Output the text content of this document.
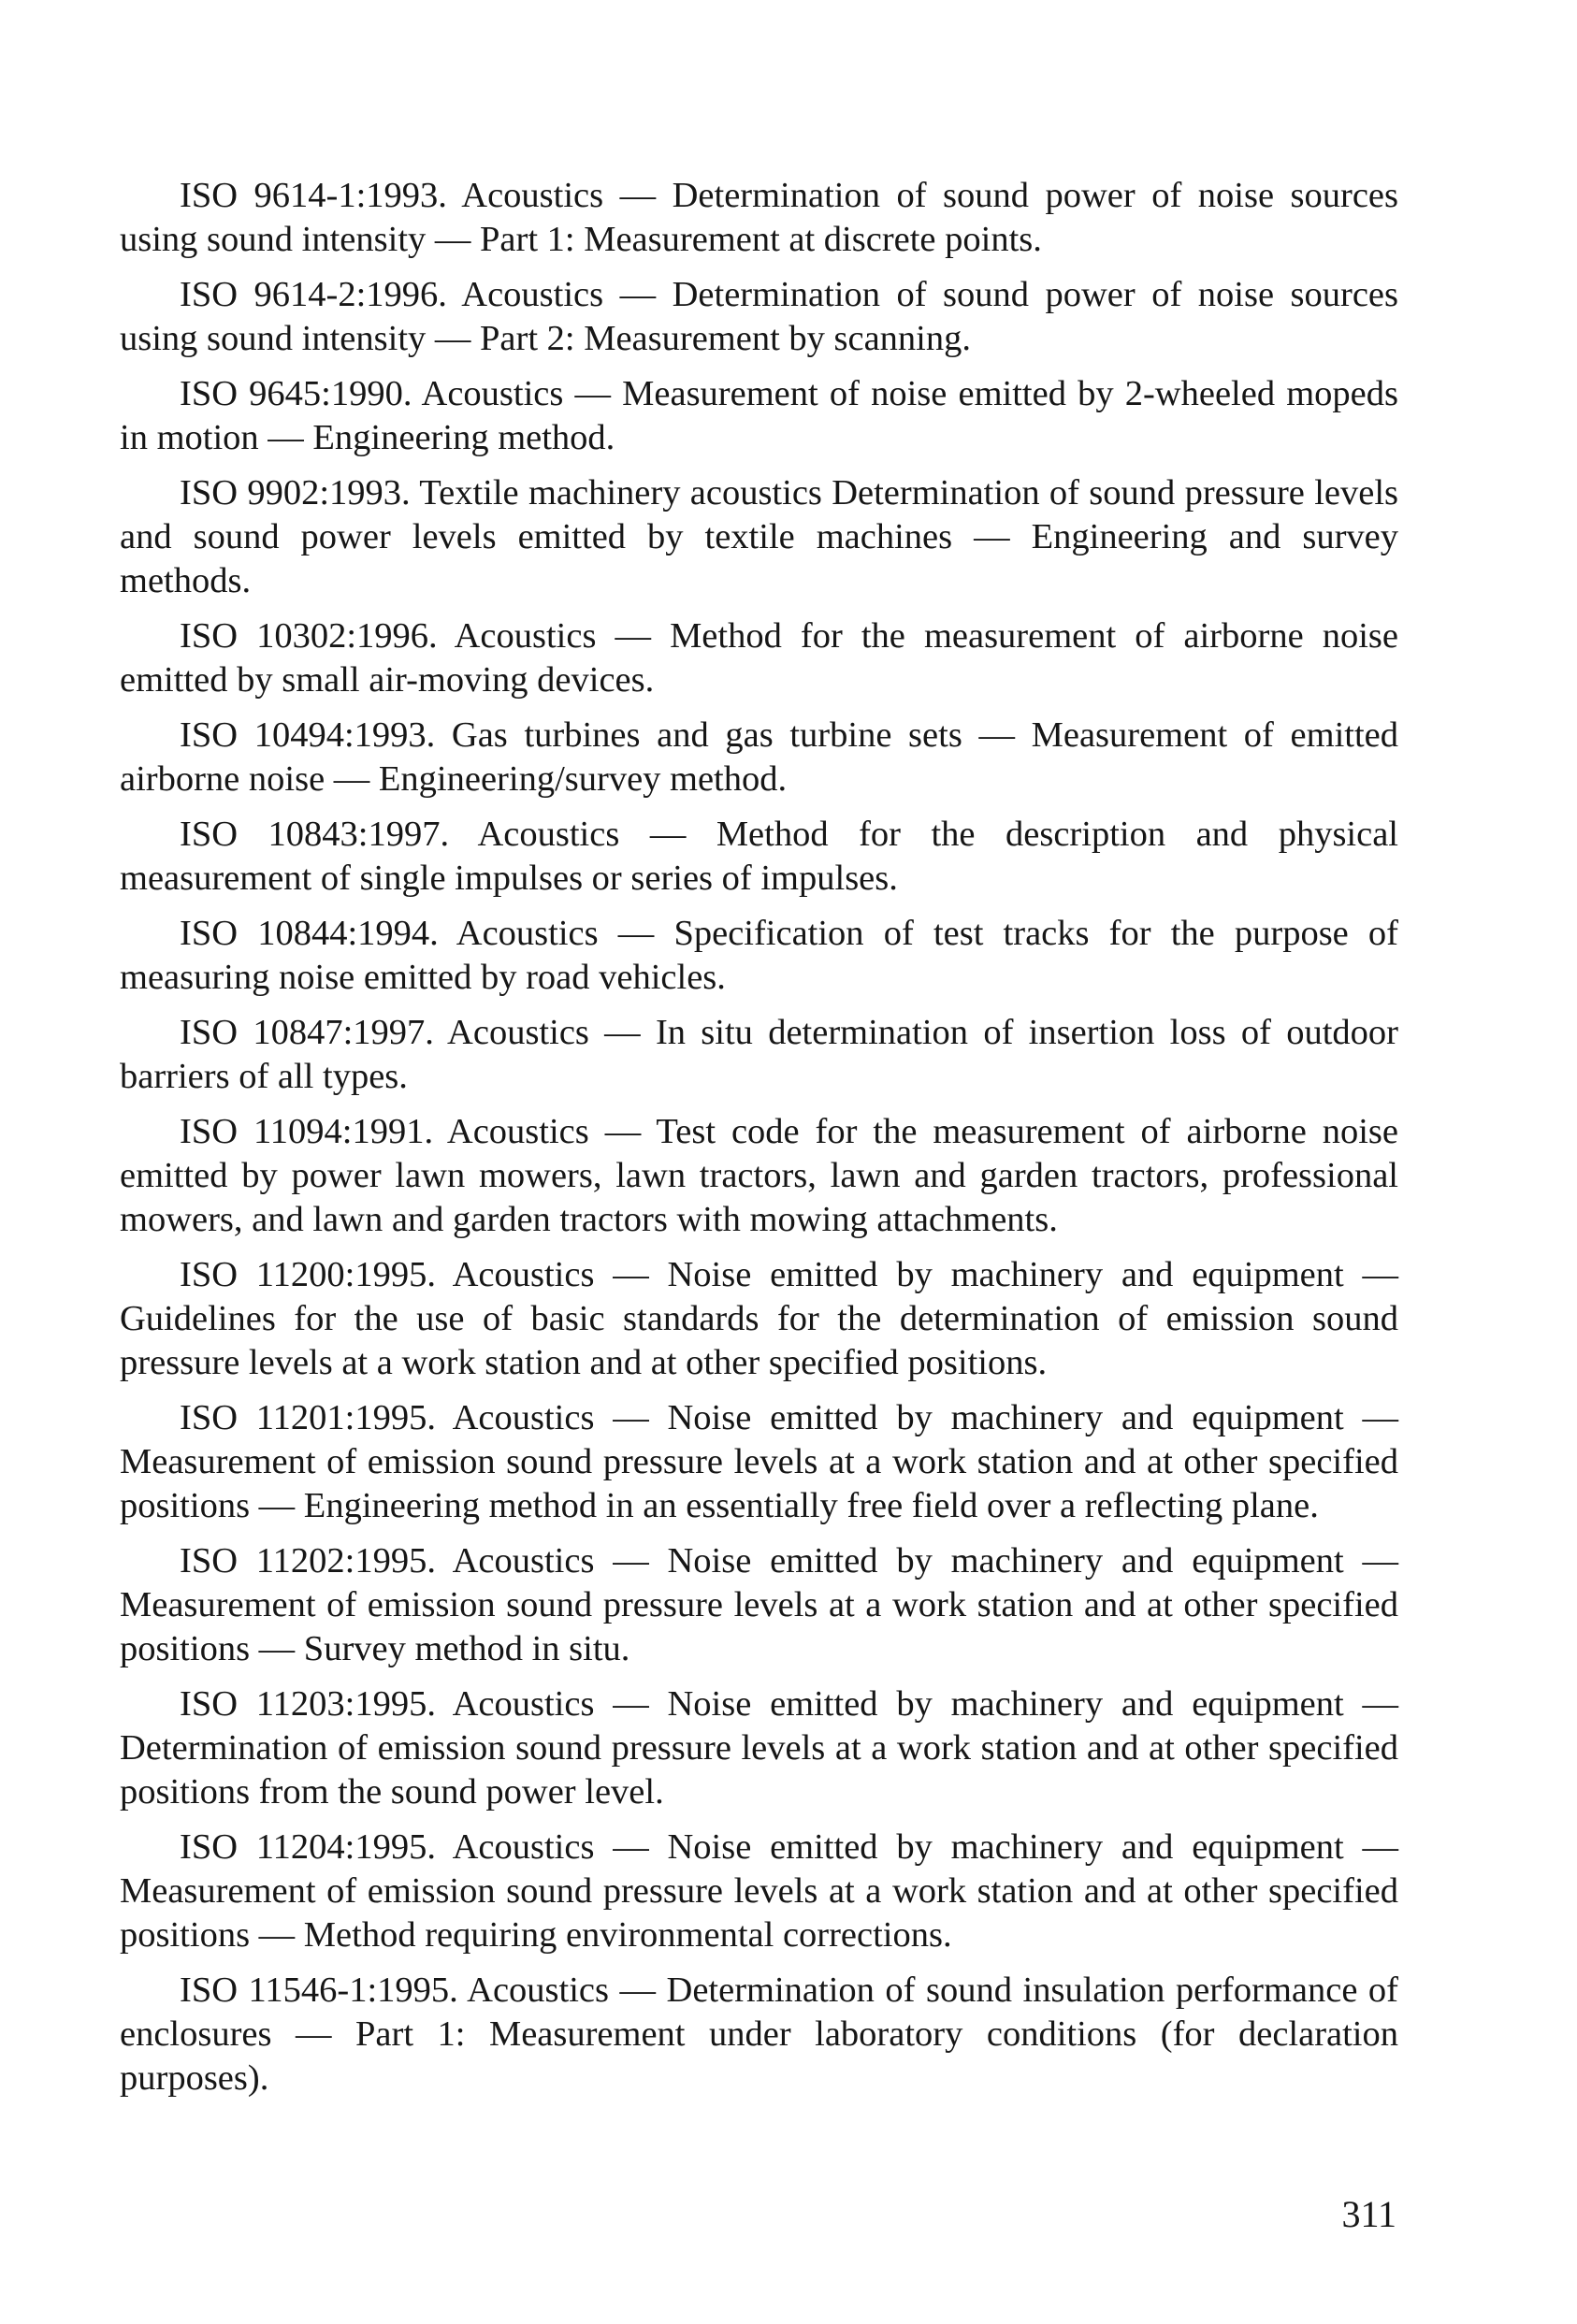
ISO 9614-1:1993. Acoustics — Determination of sound power of noise sources using sound intensity — Part 1: Measurement at discrete points.

ISO 9614-2:1996. Acoustics — Determination of sound power of noise sources using sound intensity — Part 2: Measurement by scanning.

ISO 9645:1990. Acoustics — Measurement of noise emitted by 2-wheeled mopeds in motion — Engineering method.

ISO 9902:1993. Textile machinery acoustics Determination of sound pressure levels and sound power levels emitted by textile machines — Engineering and survey methods.

ISO 10302:1996. Acoustics — Method for the measurement of airborne noise emitted by small air-moving devices.

ISO 10494:1993. Gas turbines and gas turbine sets — Measurement of emitted airborne noise — Engineering/survey method.

ISO 10843:1997. Acoustics — Method for the description and physical measurement of single impulses or series of impulses.

ISO 10844:1994. Acoustics — Specification of test tracks for the purpose of measuring noise emitted by road vehicles.

ISO 10847:1997. Acoustics — In situ determination of insertion loss of outdoor barriers of all types.

ISO 11094:1991. Acoustics — Test code for the measurement of airborne noise emitted by power lawn mowers, lawn tractors, lawn and garden tractors, professional mowers, and lawn and garden tractors with mowing attachments.

ISO 11200:1995. Acoustics — Noise emitted by machinery and equipment — Guidelines for the use of basic standards for the determination of emission sound pressure levels at a work station and at other specified positions.

ISO 11201:1995. Acoustics — Noise emitted by machinery and equipment — Measurement of emission sound pressure levels at a work station and at other specified positions — Engineering method in an essentially free field over a reflecting plane.

ISO 11202:1995. Acoustics — Noise emitted by machinery and equipment — Measurement of emission sound pressure levels at a work station and at other specified positions — Survey method in situ.

ISO 11203:1995. Acoustics — Noise emitted by machinery and equipment — Determination of emission sound pressure levels at a work station and at other specified positions from the sound power level.

ISO 11204:1995. Acoustics — Noise emitted by machinery and equipment — Measurement of emission sound pressure levels at a work station and at other specified positions — Method requiring environmental corrections.

ISO 11546-1:1995. Acoustics — Determination of sound insulation performance of enclosures — Part 1: Measurement under laboratory conditions (for declaration purposes).

311
